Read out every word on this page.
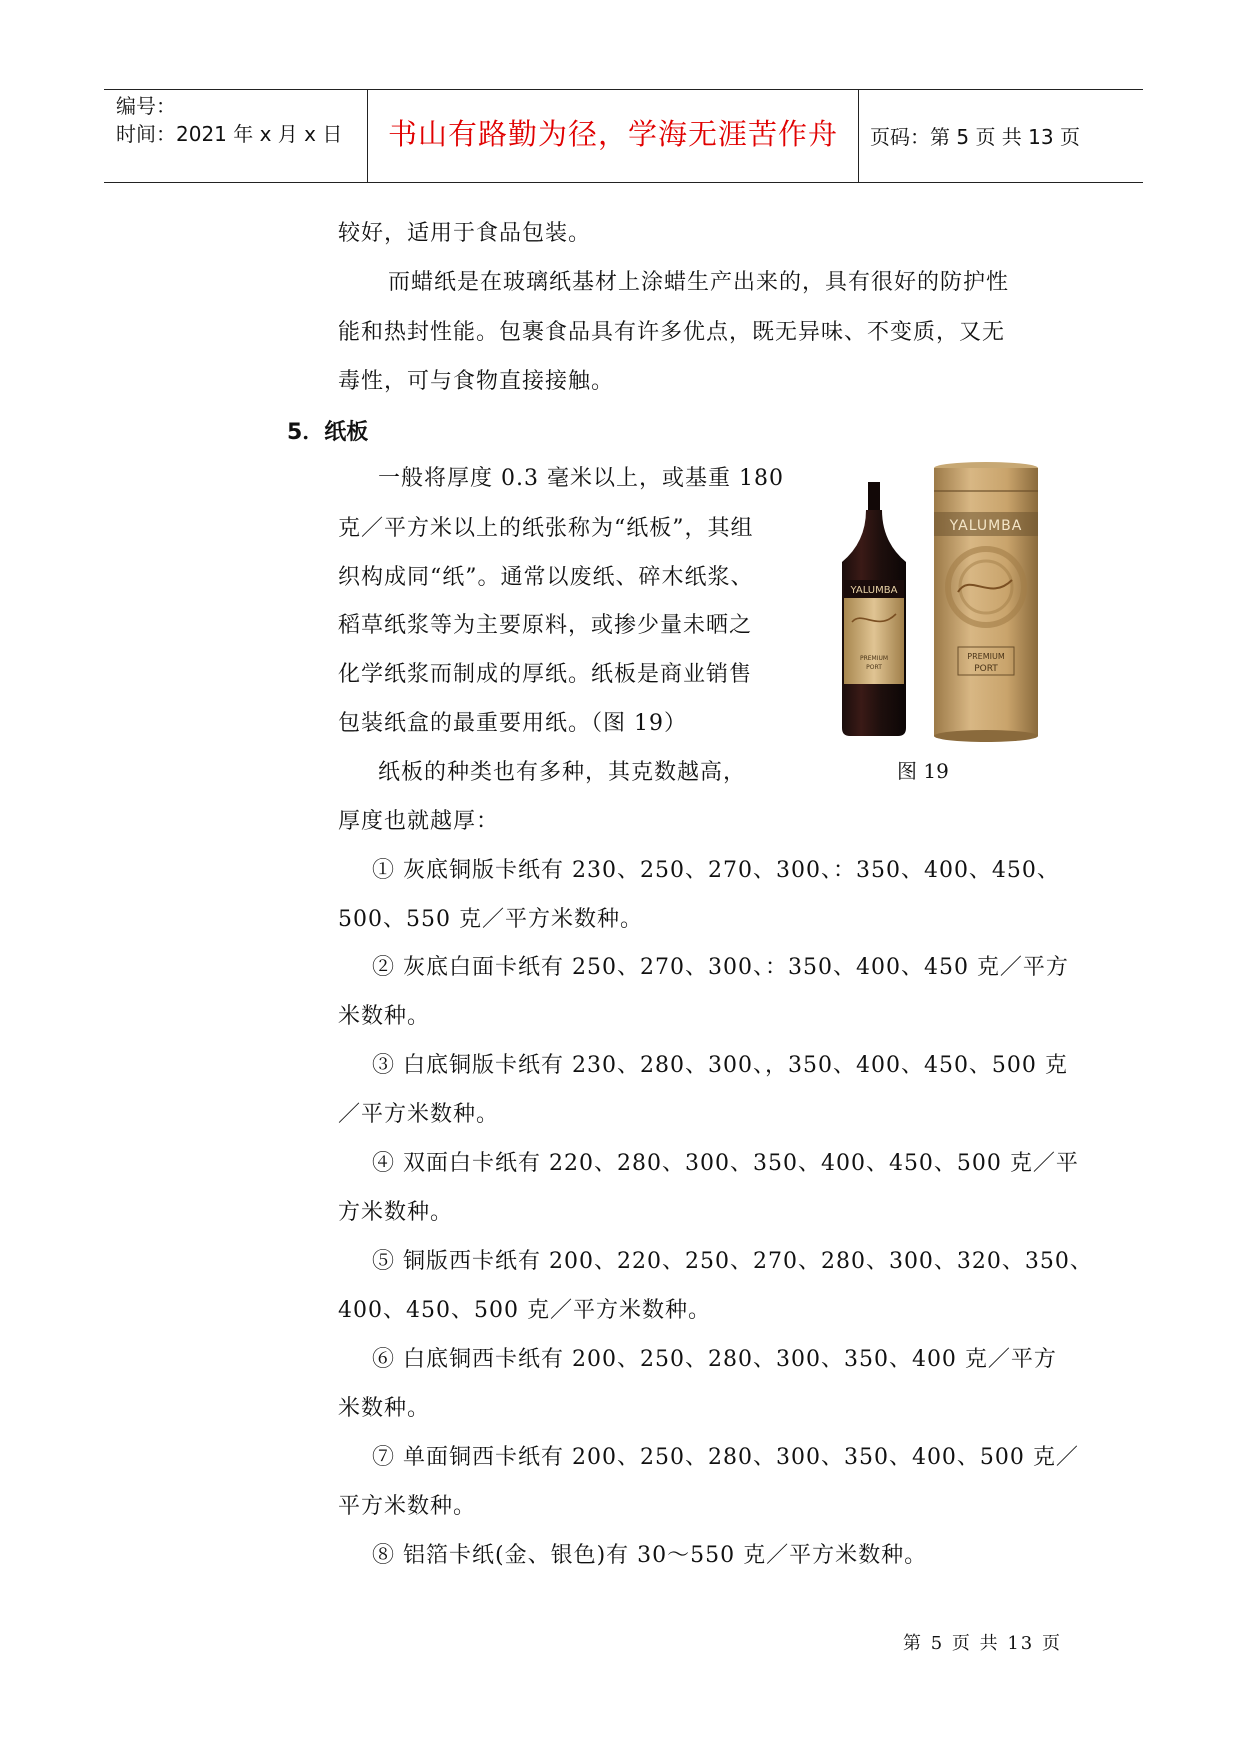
编号：
时间：2021 年 x 月 x 日	书山有路勤为径，学海无涯苦作舟	页码：第 5 页 共 13 页
较好，适用于食品包装。
而蜡纸是在玻璃纸基材上涂蜡生产出来的，具有很好的防护性
能和热封性能。包裹食品具有许多优点，既无异味、不变质，又无
毒性，可与食物直接接触。
5．纸板
一般将厚度 0.3 毫米以上，或基重 180
克／平方米以上的纸张称为“纸板”，其组
织构成同“纸”。通常以废纸、碎木纸浆、
稻草纸浆等为主要原料，或掺少量未晒之
化学纸浆而制成的厚纸。纸板是商业销售
包装纸盒的最重要用纸。（图 19）
纸板的种类也有多种，其克数越高，
厚度也就越厚：
① 灰底铜版卡纸有 230、250、270、300、：350、400、450、
500、550 克／平方米数种。
② 灰底白面卡纸有 250、270、300、：350、400、450 克／平方
米数种。
③ 白底铜版卡纸有 230、280、300、，350、400、450、500 克
／平方米数种。
④ 双面白卡纸有 220、280、300、350、400、450、500 克／平
方米数种。
⑤ 铜版西卡纸有 200、220、250、270、280、300、320、350、
400、450、500 克／平方米数种。
⑥ 白底铜西卡纸有 200、250、280、300、350、400 克／平方
米数种。
⑦ 单面铜西卡纸有 200、250、280、300、350、400、500 克／
平方米数种。
⑧ 铝箔卡纸(金、银色)有 30～550 克／平方米数种。
YALUMBA
PREMIUM
PORT
YALUMBA
PREMIUM
PORT
图 19
第 5 页 共 13 页
